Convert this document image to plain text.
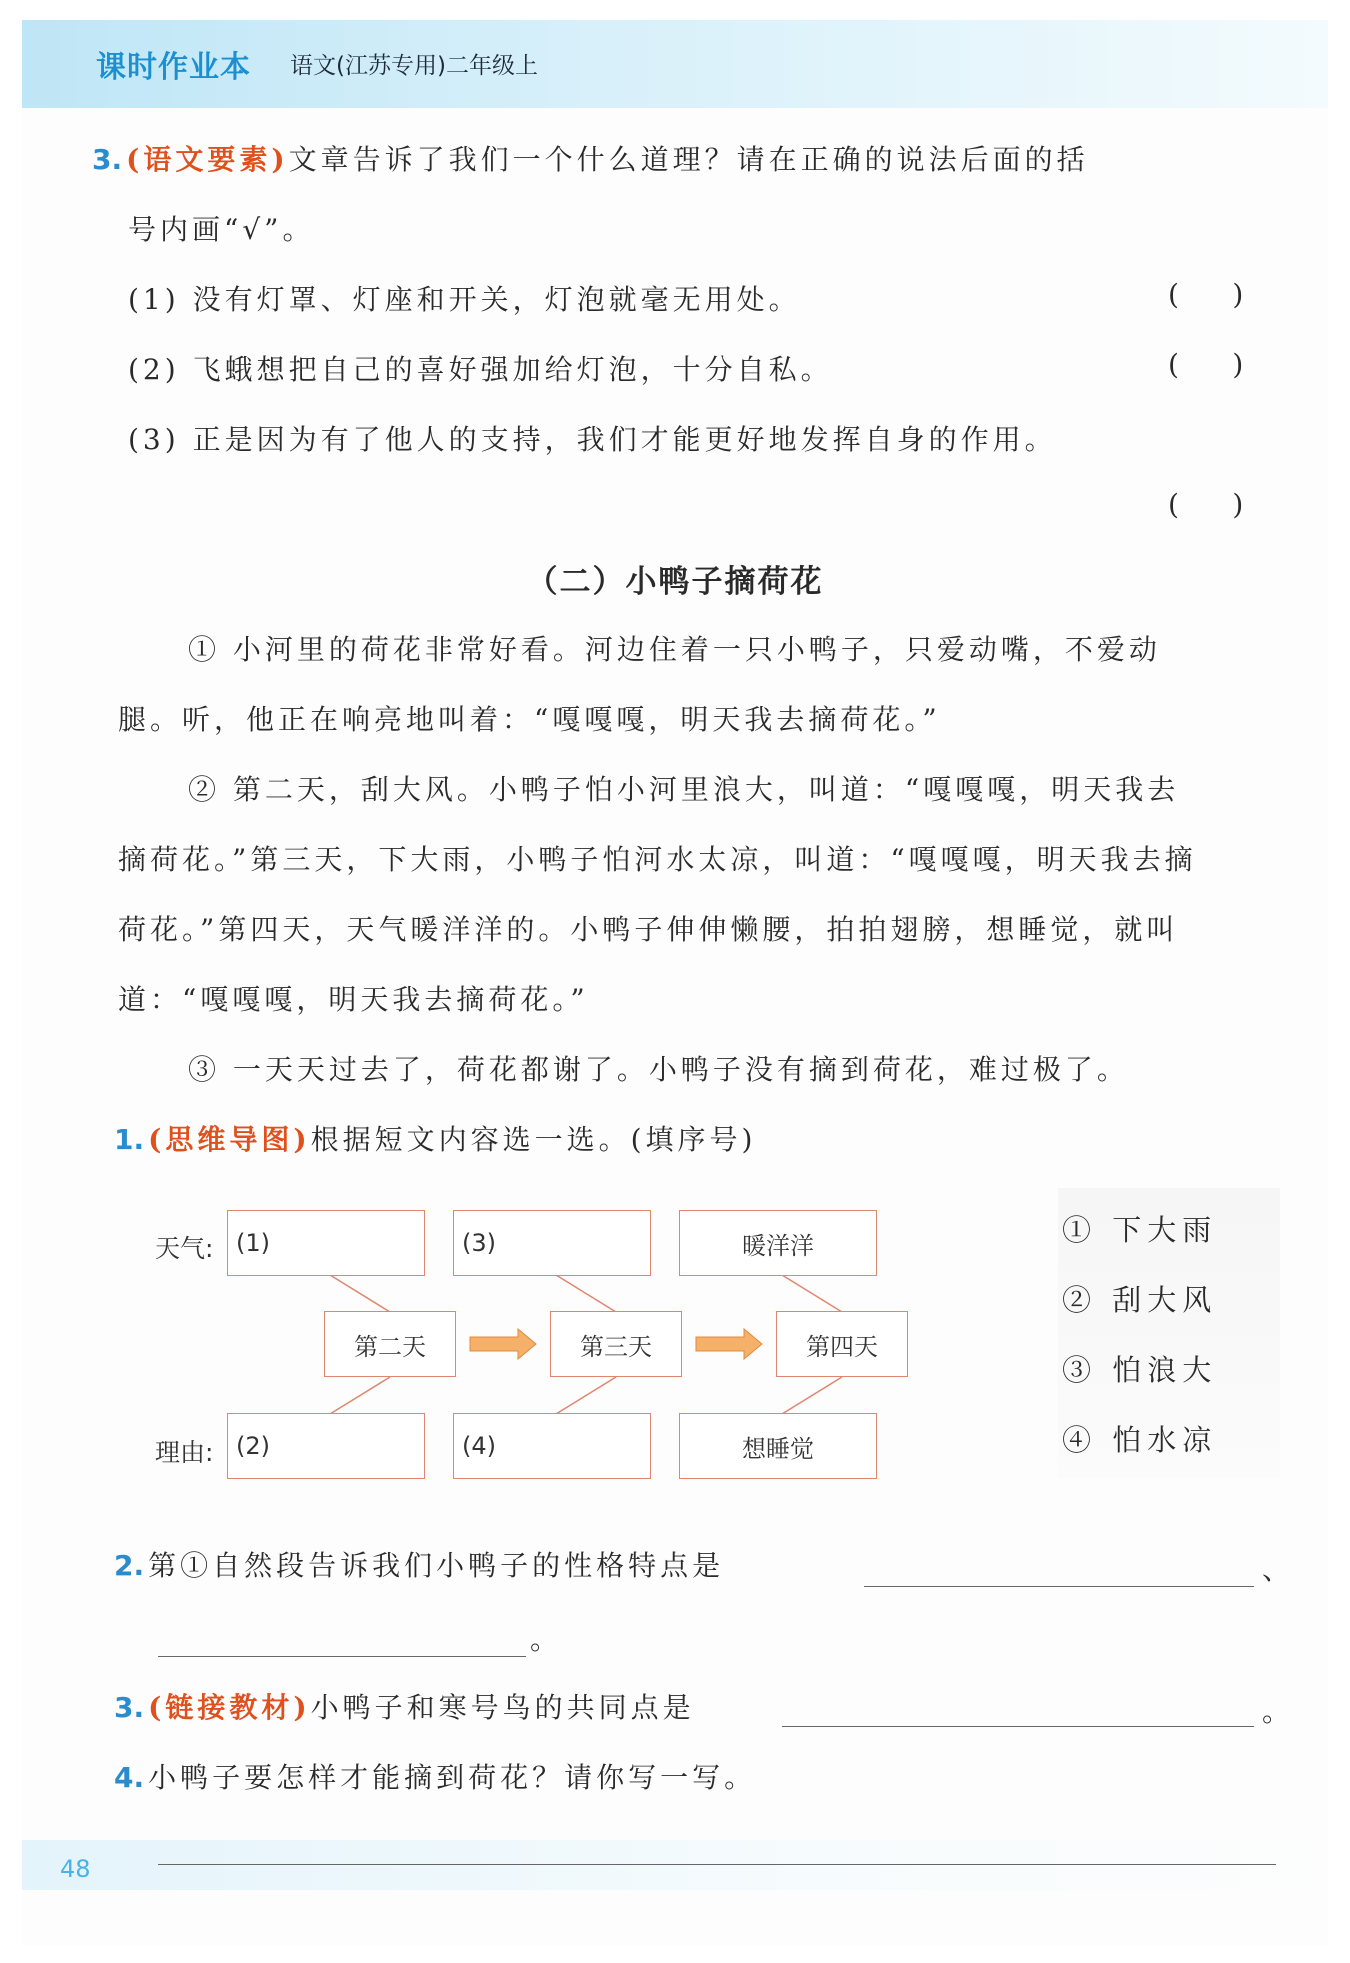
课时作业本 语文(江苏专用)二年级上
3. (语文要素)文章告诉了我们一个什么道理？请在正确的说法后面的括
号内画“√”。
(1) 没有灯罩、灯座和开关，灯泡就毫无用处。	(      )
(2) 飞蛾想把自己的喜好强加给灯泡，十分自私。	(      )
(3) 正是因为有了他人的支持，我们才能更好地发挥自身的作用。
(      )
（二）小鸭子摘荷花
① 小河里的荷花非常好看。河边住着一只小鸭子，只爱动嘴，不爱动
腿。听，他正在响亮地叫着：“嘎嘎嘎，明天我去摘荷花。”
② 第二天，刮大风。小鸭子怕小河里浪大，叫道：“嘎嘎嘎，明天我去
摘荷花。”第三天，下大雨，小鸭子怕河水太凉，叫道：“嘎嘎嘎，明天我去摘
荷花。”第四天，天气暖洋洋的。小鸭子伸伸懒腰，拍拍翅膀，想睡觉，就叫
道：“嘎嘎嘎，明天我去摘荷花。”
③ 一天天过去了，荷花都谢了。小鸭子没有摘到荷花，难过极了。
1. (思维导图)根据短文内容选一选。(填序号)
天气:
理由:
(1)	(3)	暖洋洋
第二天	第三天	第四天
(2)	(4)	想睡觉
① 下大雨
② 刮大风
③ 怕浪大
④ 怕水凉
2. 第①自然段告诉我们小鸭子的性格特点是	、
。
3. (链接教材)小鸭子和寒号鸟的共同点是	。
4. 小鸭子要怎样才能摘到荷花？请你写一写。
48
